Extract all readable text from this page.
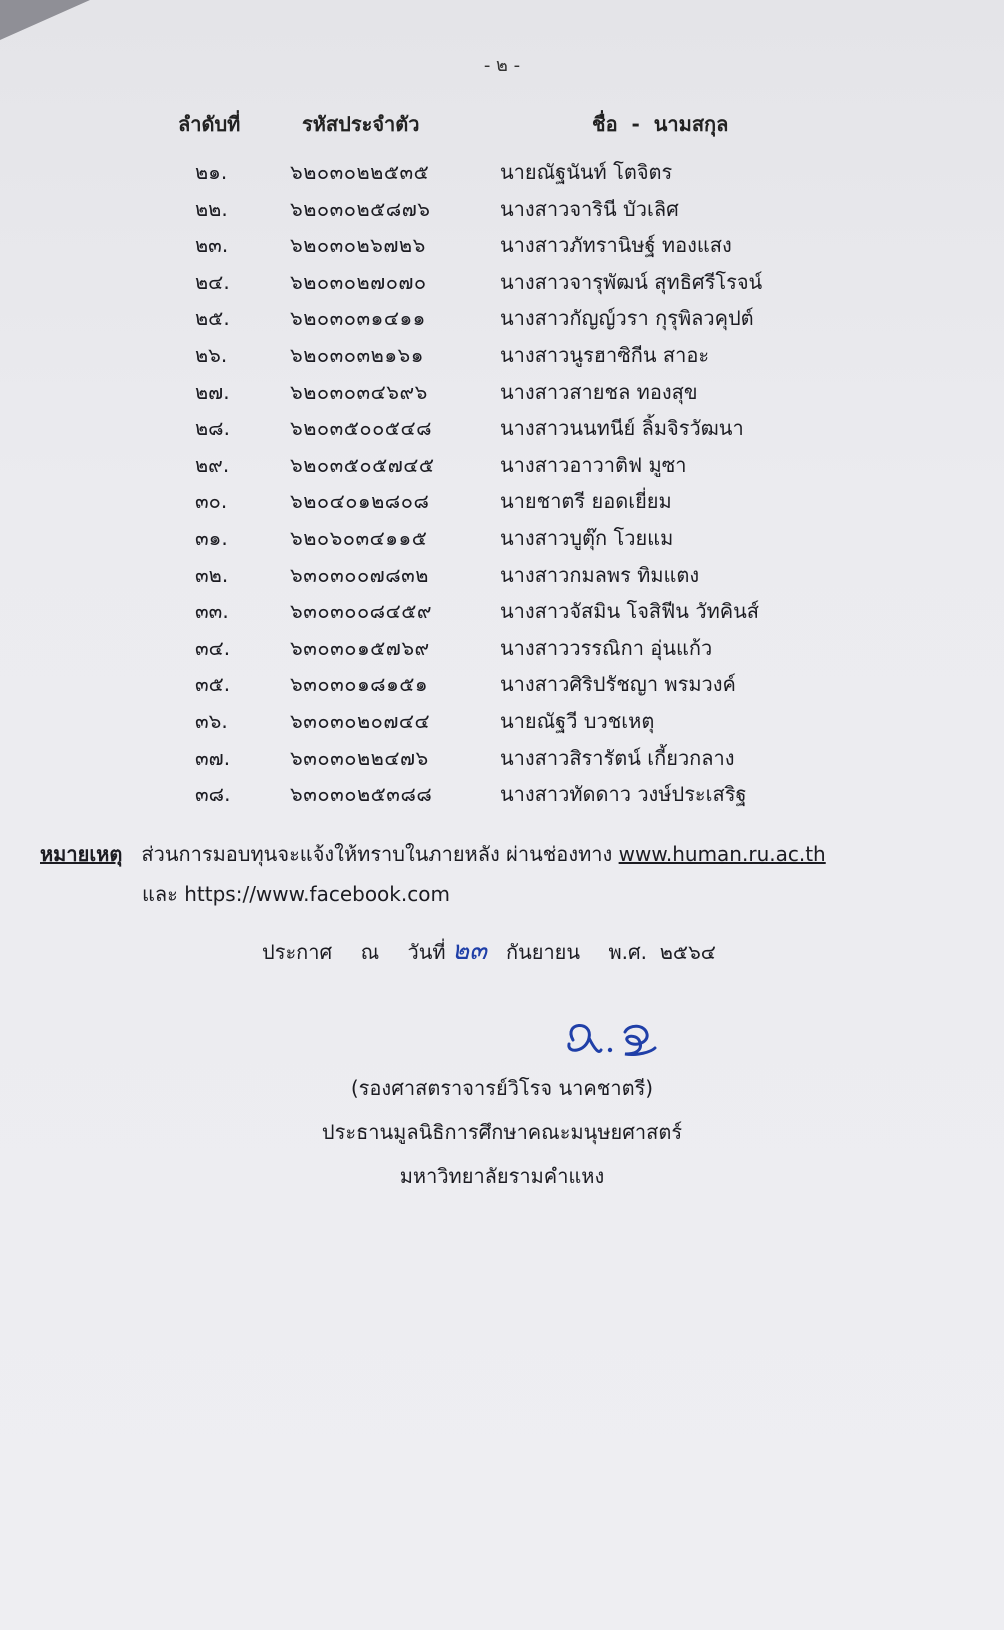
- ๒ -
ลำดับที่	รหัสประจำตัว	ชื่อ  -  นามสกุล
๒๑.	๖๒๐๓๐๒๒๕๓๕	นายณัฐนันท์ โตจิตร
๒๒.	๖๒๐๓๐๒๕๘๗๖	นางสาวจารินี บัวเลิศ
๒๓.	๖๒๐๓๐๒๖๗๒๖	นางสาวภัทรานิษฐ์ ทองแสง
๒๔.	๖๒๐๓๐๒๗๐๗๐	นางสาวจารุพัฒน์ สุทธิศรีโรจน์
๒๕.	๖๒๐๓๐๓๑๔๑๑	นางสาวกัญญ์วรา กุรุพิลวคุปต์
๒๖.	๖๒๐๓๐๓๒๑๖๑	นางสาวนูรฮาซิกีน สาอะ
๒๗.	๖๒๐๓๐๓๔๖๙๖	นางสาวสายชล ทองสุข
๒๘.	๖๒๐๓๕๐๐๕๔๘	นางสาวนนทนีย์ ลิ้มจิรวัฒนา
๒๙.	๖๒๐๓๕๐๕๗๔๕	นางสาวอาวาติฟ มูซา
๓๐.	๖๒๐๔๐๑๒๘๐๘	นายชาตรี ยอดเยี่ยม
๓๑.	๖๒๐๖๐๓๔๑๑๕	นางสาวบูตุ๊ก โวยแม
๓๒.	๖๓๐๓๐๐๗๘๓๒	นางสาวกมลพร ทิมแตง
๓๓.	๖๓๐๓๐๐๘๔๕๙	นางสาวจัสมิน โจสิฟีน วัทคินส์
๓๔.	๖๓๐๓๐๑๕๗๖๙	นางสาววรรณิกา อุ่นแก้ว
๓๕.	๖๓๐๓๐๑๘๑๕๑	นางสาวศิริปรัชญา พรมวงค์
๓๖.	๖๓๐๓๐๒๐๗๔๔	นายณัฐวี บวชเหตุ
๓๗.	๖๓๐๓๐๒๒๔๗๖	นางสาวสิรารัตน์ เกี้ยวกลาง
๓๘.	๖๓๐๓๐๒๕๓๘๘	นางสาวทัดดาว วงษ์ประเสริฐ
หมายเหตุ ส่วนการมอบทุนจะแจ้งให้ทราบในภายหลัง ผ่านช่องทาง www.human.ru.ac.th
และ https://www.facebook.com
ประกาศ ณ วันที่ ๒๓ กันยายน พ.ศ. ๒๕๖๔
(รองศาสตราจารย์วิโรจ นาคชาตรี)
ประธานมูลนิธิการศึกษาคณะมนุษยศาสตร์
มหาวิทยาลัยรามคำแหง
